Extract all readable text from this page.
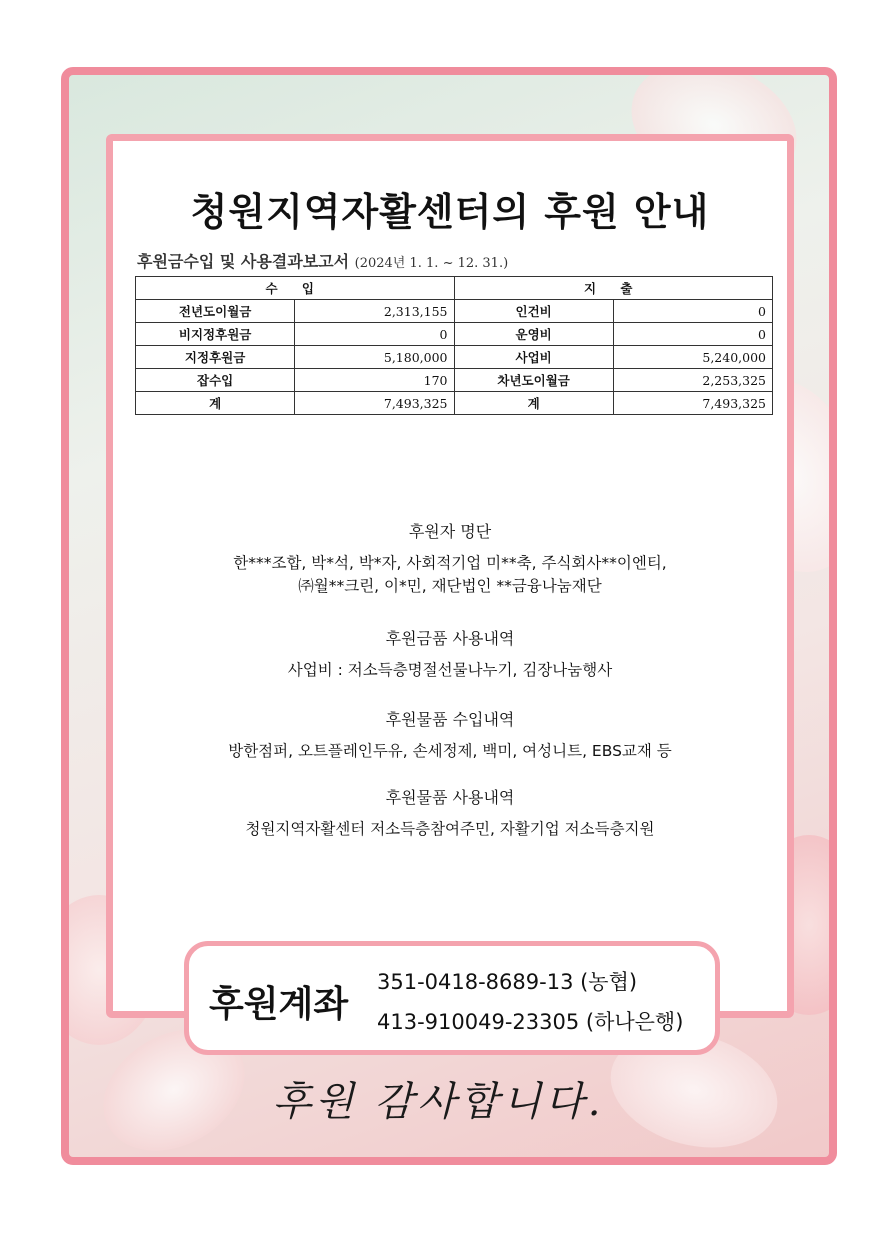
청원지역자활센터의 후원 안내
후원금수입 및 사용결과보고서 (2024년 1. 1. ~ 12. 31.)
수 입		지 출	
전년도이월금	2,313,155	인건비	0
비지정후원금	0	운영비	0
지정후원금	5,180,000	사업비	5,240,000
잡수입	170	차년도이월금	2,253,325
계	7,493,325	계	7,493,325
후원자 명단
한***조합, 박*석, 박*자, 사회적기업 미**축, 주식회사**이엔티,
㈜월**크린, 이*민, 재단법인 **금융나눔재단
후원금품 사용내역
사업비 : 저소득층명절선물나누기, 김장나눔행사
후원물품 수입내역
방한점퍼, 오트플레인두유, 손세정제, 백미, 여성니트, EBS교재 등
후원물품 사용내역
청원지역자활센터 저소득층참여주민, 자활기업 저소득층지원
후원계좌
351-0418-8689-13 (농협)
413-910049-23305 (하나은행)
후원 감사합니다.
